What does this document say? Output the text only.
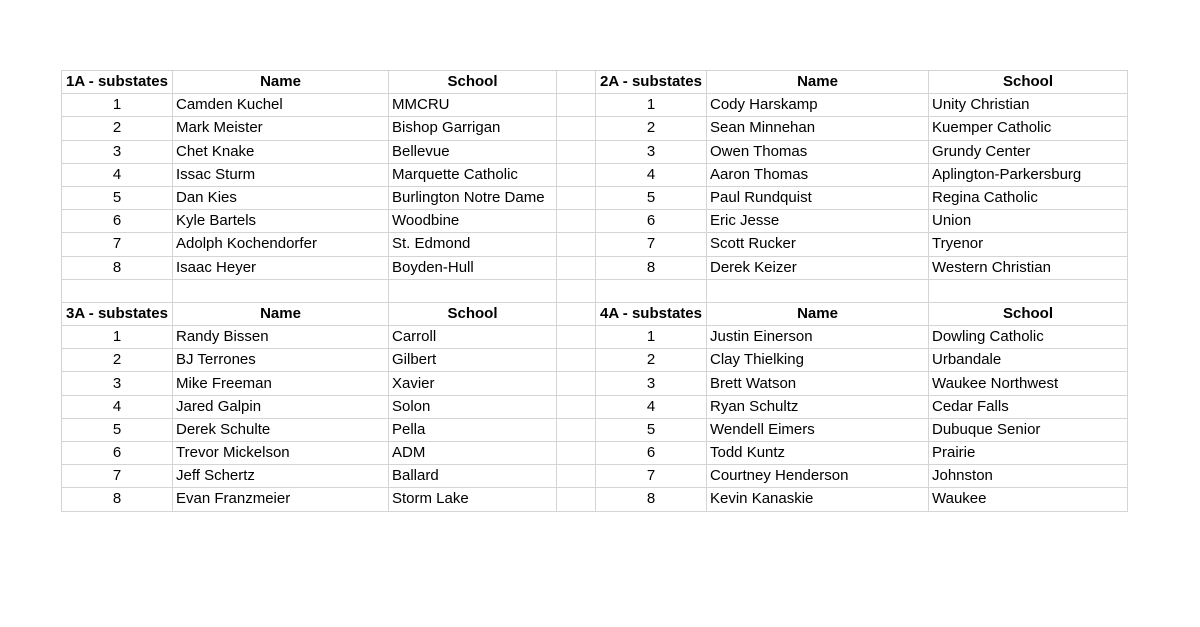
1A - substates	Name	School		2A - substates	Name	School
1	Camden Kuchel	MMCRU		1	Cody Harskamp	Unity Christian
2	Mark Meister	Bishop Garrigan		2	Sean Minnehan	Kuemper Catholic
3	Chet Knake	Bellevue		3	Owen Thomas	Grundy Center
4	Issac Sturm	Marquette Catholic		4	Aaron Thomas	Aplington-Parkersburg
5	Dan Kies	Burlington Notre Dame		5	Paul Rundquist	Regina Catholic
6	Kyle Bartels	Woodbine		6	Eric Jesse	Union
7	Adolph Kochendorfer	St. Edmond		7	Scott Rucker	Tryenor
8	Isaac Heyer	Boyden-Hull		8	Derek Keizer	Western Christian

3A - substates	Name	School		4A - substates	Name	School
1	Randy Bissen	Carroll		1	Justin Einerson	Dowling Catholic
2	BJ Terrones	Gilbert		2	Clay Thielking	Urbandale
3	Mike Freeman	Xavier		3	Brett Watson	Waukee Northwest
4	Jared Galpin	Solon		4	Ryan Schultz	Cedar Falls
5	Derek Schulte	Pella		5	Wendell Eimers	Dubuque Senior
6	Trevor Mickelson	ADM		6	Todd Kuntz	Prairie
7	Jeff Schertz	Ballard		7	Courtney Henderson	Johnston
8	Evan Franzmeier	Storm Lake		8	Kevin Kanaskie	Waukee
